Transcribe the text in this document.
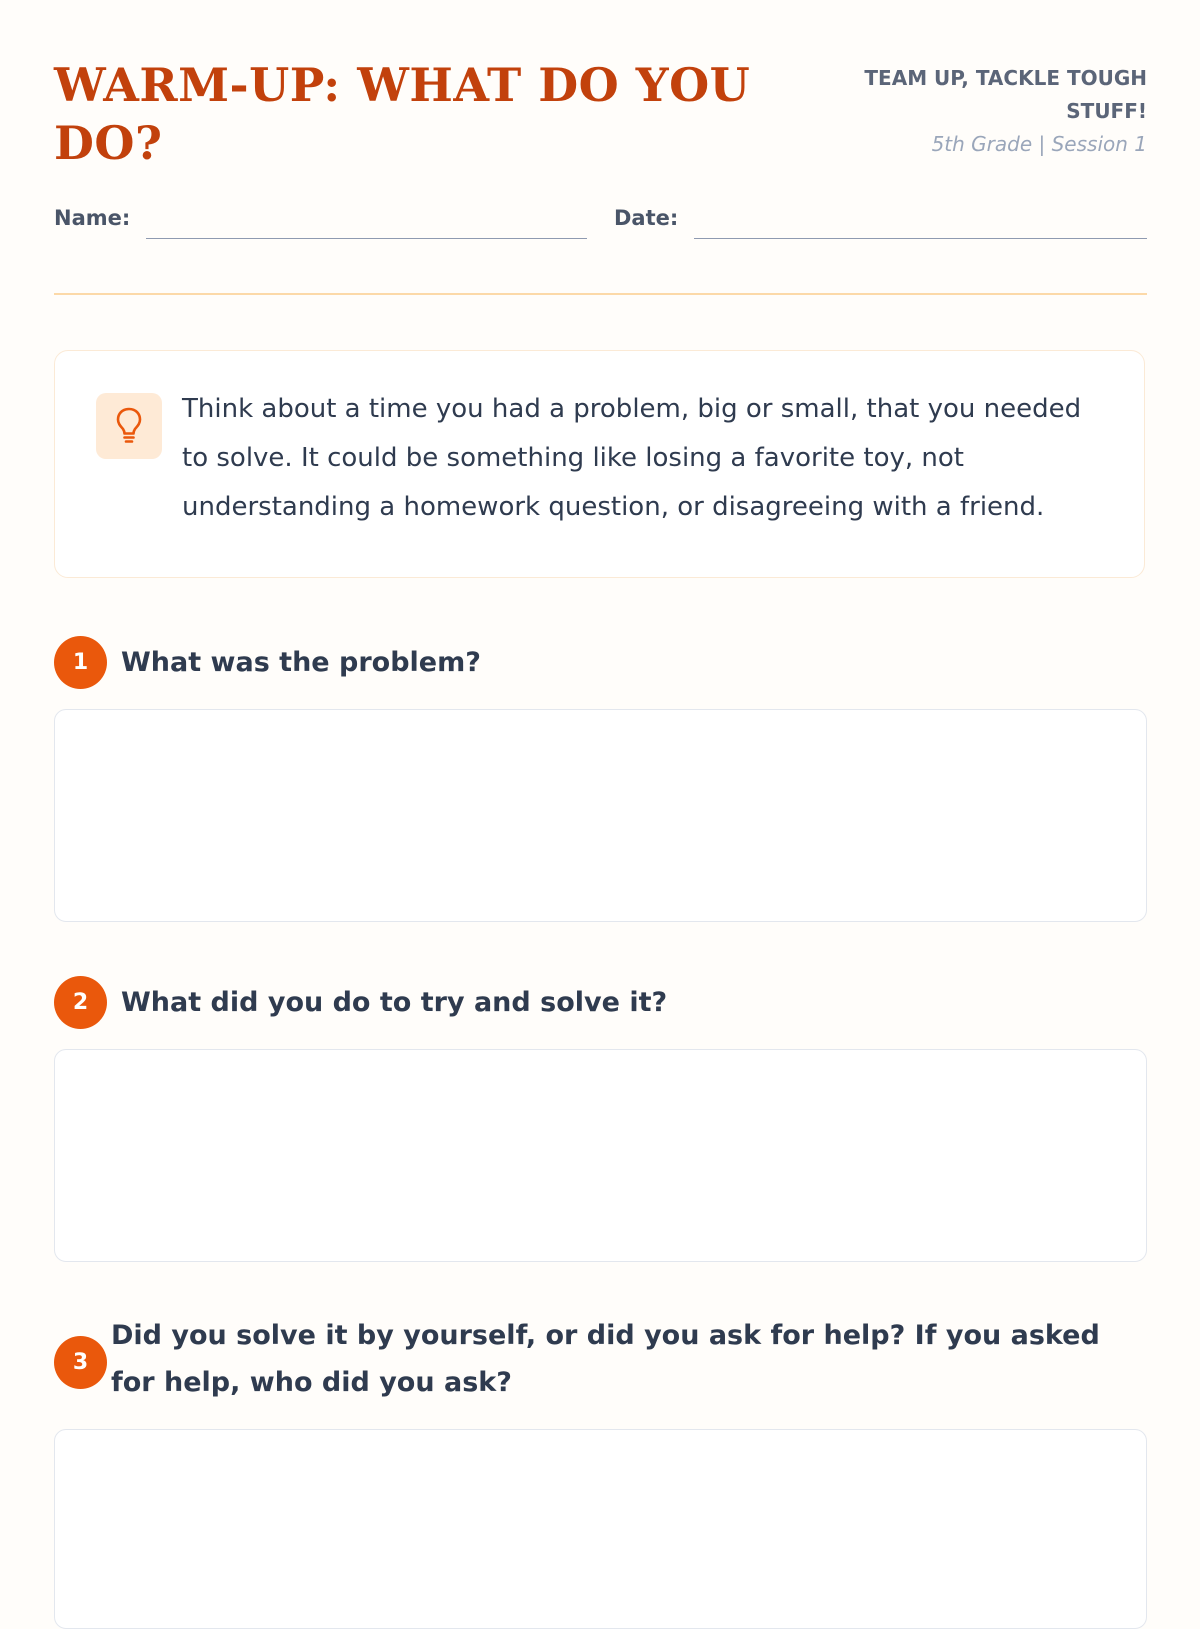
WARM-UP: WHAT DO YOU DO?
TEAM UP, TACKLE TOUGH STUFF!
5th Grade | Session 1
Name:	Date:

Think about a time you had a problem, big or small, that you needed to solve. It could be something like losing a favorite toy, not understanding a homework question, or disagreeing with a friend.

1	What was the problem?

2	What did you do to try and solve it?

3

Did you solve it by yourself, or did you ask for help? If you asked for help, who did you ask?
